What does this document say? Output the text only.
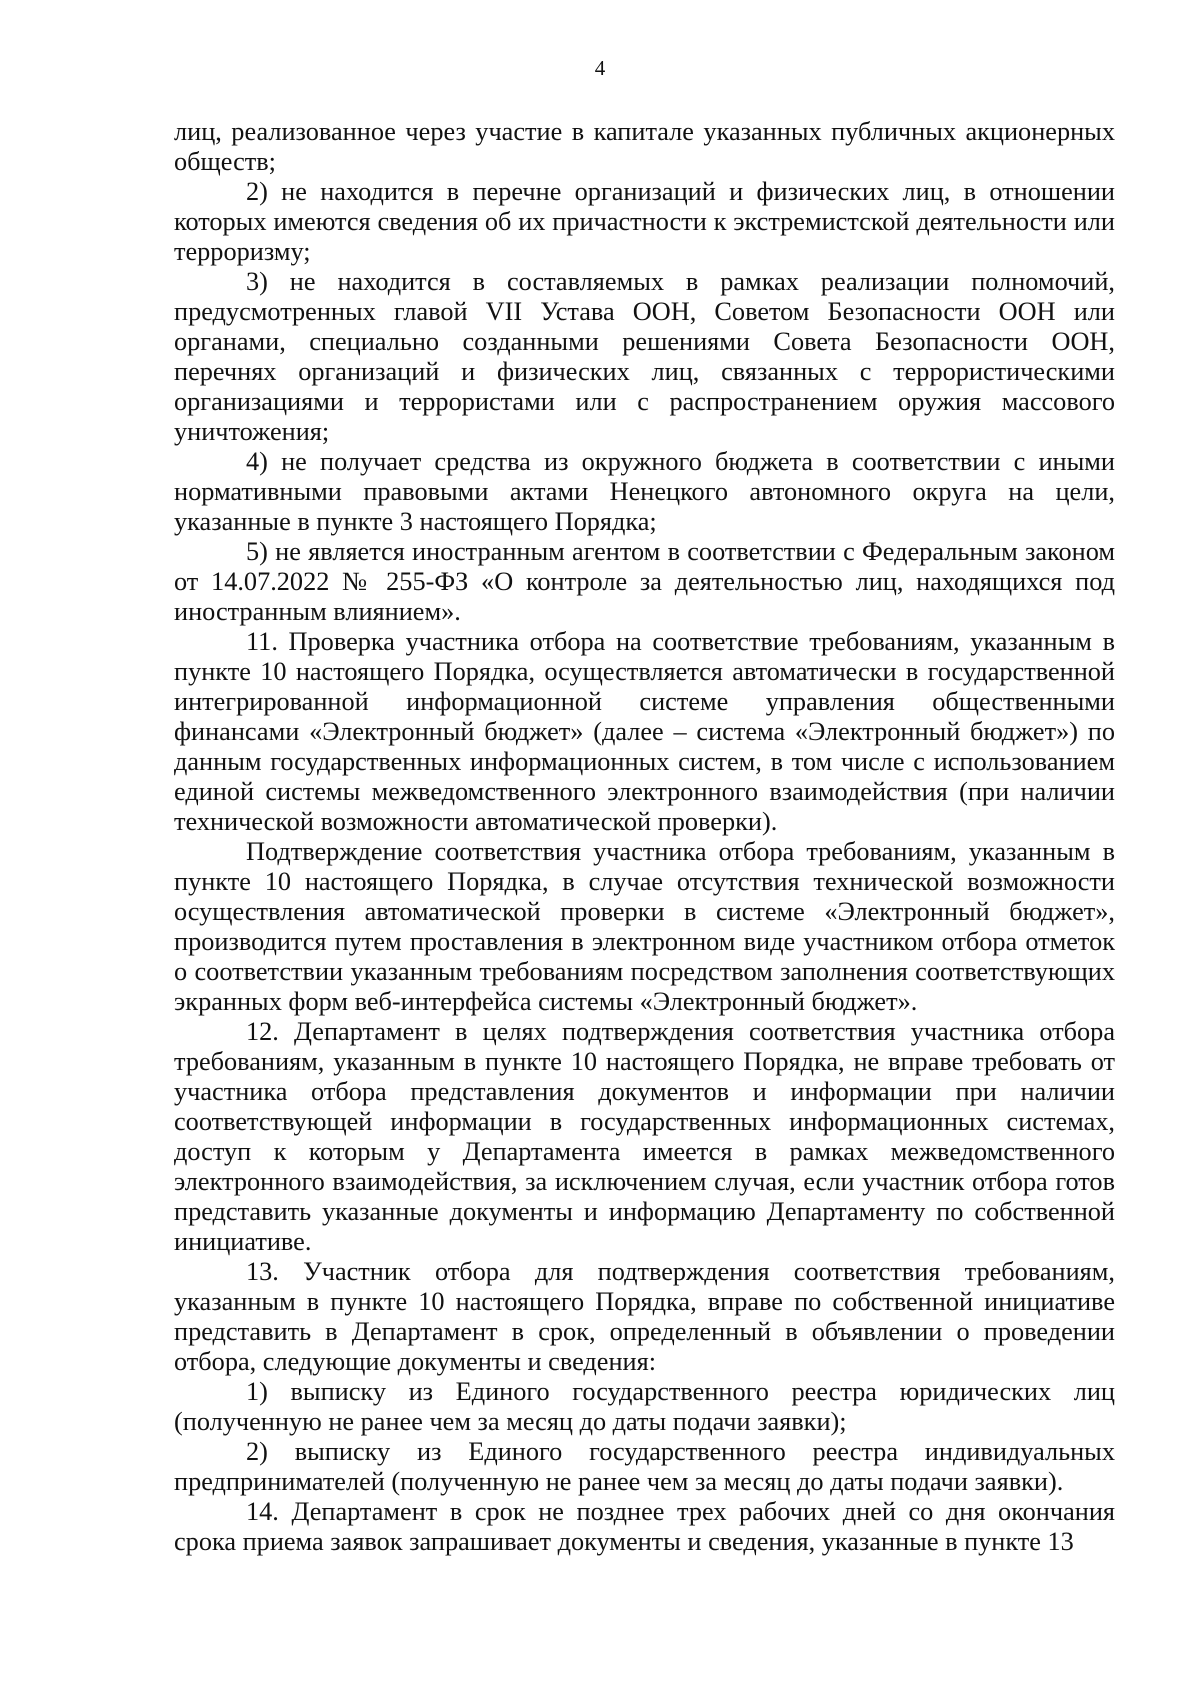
4

лиц, реализованное через участие в капитале указанных публичных акционерных обществ;

2) не находится в перечне организаций и физических лиц, в отношении которых имеются сведения об их причастности к экстремистской деятельности или терроризму;

3) не находится в составляемых в рамках реализации полномочий, предусмотренных главой VII Устава ООН, Советом Безопасности ООН или органами, специально созданными решениями Совета Безопасности ООН, перечнях организаций и физических лиц, связанных с террористическими организациями и террористами или с распространением оружия массового уничтожения;

4) не получает средства из окружного бюджета в соответствии с иными нормативными правовыми актами Ненецкого автономного округа на цели, указанные в пункте 3 настоящего Порядка;

5) не является иностранным агентом в соответствии с Федеральным законом от 14.07.2022 № 255-ФЗ «О контроле за деятельностью лиц, находящихся под иностранным влиянием».

11. Проверка участника отбора на соответствие требованиям, указанным в пункте 10 настоящего Порядка, осуществляется автоматически в государственной интегрированной информационной системе управления общественными финансами «Электронный бюджет» (далее – система «Электронный бюджет») по данным государственных информационных систем, в том числе с использованием единой системы межведомственного электронного взаимодействия (при наличии технической возможности автоматической проверки).

Подтверждение соответствия участника отбора требованиям, указанным в пункте 10 настоящего Порядка, в случае отсутствия технической возможности осуществления автоматической проверки в системе «Электронный бюджет», производится путем проставления в электронном виде участником отбора отметок о соответствии указанным требованиям посредством заполнения соответствующих экранных форм веб-интерфейса системы «Электронный бюджет».

12. Департамент в целях подтверждения соответствия участника отбора требованиям, указанным в пункте 10 настоящего Порядка, не вправе требовать от участника отбора представления документов и информации при наличии соответствующей информации в государственных информационных системах, доступ к которым у Департамента имеется в рамках межведомственного электронного взаимодействия, за исключением случая, если участник отбора готов представить указанные документы и информацию Департаменту по собственной инициативе.

13. Участник отбора для подтверждения соответствия требованиям, указанным в пункте 10 настоящего Порядка, вправе по собственной инициативе представить в Департамент в срок, определенный в объявлении о проведении отбора, следующие документы и сведения:

1) выписку из Единого государственного реестра юридических лиц (полученную не ранее чем за месяц до даты подачи заявки);

2) выписку из Единого государственного реестра индивидуальных предпринимателей (полученную не ранее чем за месяц до даты подачи заявки).

14. Департамент в срок не позднее трех рабочих дней со дня окончания срока приема заявок запрашивает документы и сведения, указанные в пункте 13
